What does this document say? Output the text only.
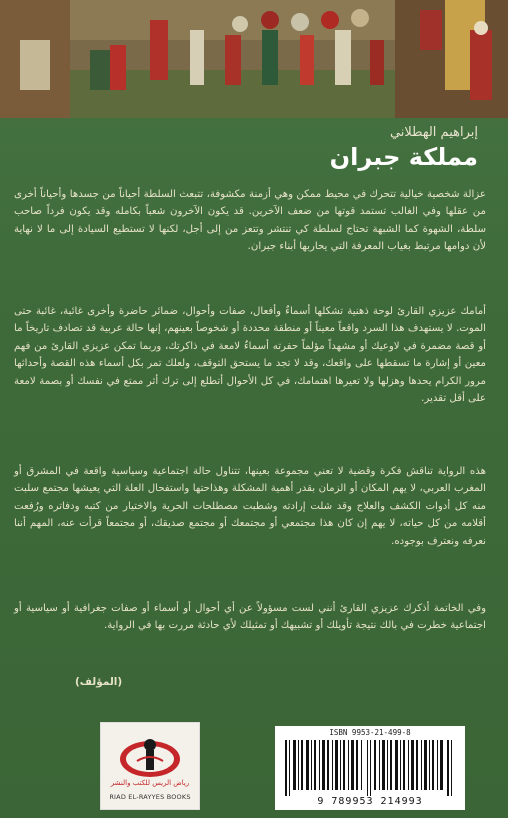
إبراهيم الهطلاني
مملكة جبران
عزالة شخصية خيالية تتحرك في محيط ممكن وهي أزمنة مكشوفة، تتبعث السلطة أحياناً من جسدها وأحياناً أخرى من عقلها وفي الغالب تستمد قوتها من ضعف الآخرين. قد يكون الآخرون شعباً بكامله وقد يكون فرداً صاحب سلطة، الشهوة كما الشبهة تحتاج لسلطة كي تنتشر وتتعز من إلى أجل، لكنها لا تستطيع السيادة إلى ما لا نهاية لأن دوامها مرتبط بغياب المعرفة التي يحاربها أبناء جبران.
أمامك عزيزي القارئ لوحة ذهنية تشكلها أسماءٌ وأفعال، صفات وأحوال، ضمائر حاضرة وأخرى غائبة، غائبة حتى الموت. لا يستهدف هذا السرد واقعاً معيناً أو منطقة محددة أو شخوصاً بعينهم، إنها حالة عربية قد تصادف تاريخاً ما أو قصة مضمرة في لاوعيك أو مشهداً مؤلماً حفرته أسماءٌ لامعة في ذاكرتك، وربما تمكن عزيزي القارئ من فهم معين أو إشارة ما تسقطها على واقعك، وقد لا تجد ما يستحق التوقف، ولعلك تمر بكل أسماء هذه القصة وأحداثها مرور الكرام يحدها وهزلها ولا تعيرها اهتمامك، في كل الأحوال أتطلع إلى ترك أثر ممتع في نفسك أو بصمة لامعة على أقل تقدير.
هذه الرواية تناقش فكرة وقضية لا تعني مجموعة بعينها، تتناول حالة اجتماعية وسياسية واقعة في المشرق أو المغرب العربي، لا يهم المكان أو الزمان بقدر أهمية المشكلة وهذاحتها واستفحال العلة التي يعيشها مجتمع سلبت منه كل أدوات الكشف والعلاج وقد شلت إرادته وشطبت مصطلحات الحرية والاختيار من كتبه ودفاتره ورُفعت أقلامه من كل حياته، لا يهم إن كان هذا مجتمعي أو مجتمعك أو مجتمع صديقك، أو مجتمعاً قرأت عنه، المهم أننا نعرفه ونعترف بوجوده.
وفي الخاتمة أذكرك عزيزي القارئ أنني لست مسؤولاً عن أي أحوال أو أسماء أو صفات جغرافية أو سياسية أو اجتماعية خطرت في بالك نتيجة تأويلك أو تشبيهك أو تمثيلك لأي حادثة مررت بها في الرواية.
(المؤلف)
رياض الريس للكتب والنشر
RIAD EL-RAYYES BOOKS
ISBN 9953-21-499-8
9 789953 214993
